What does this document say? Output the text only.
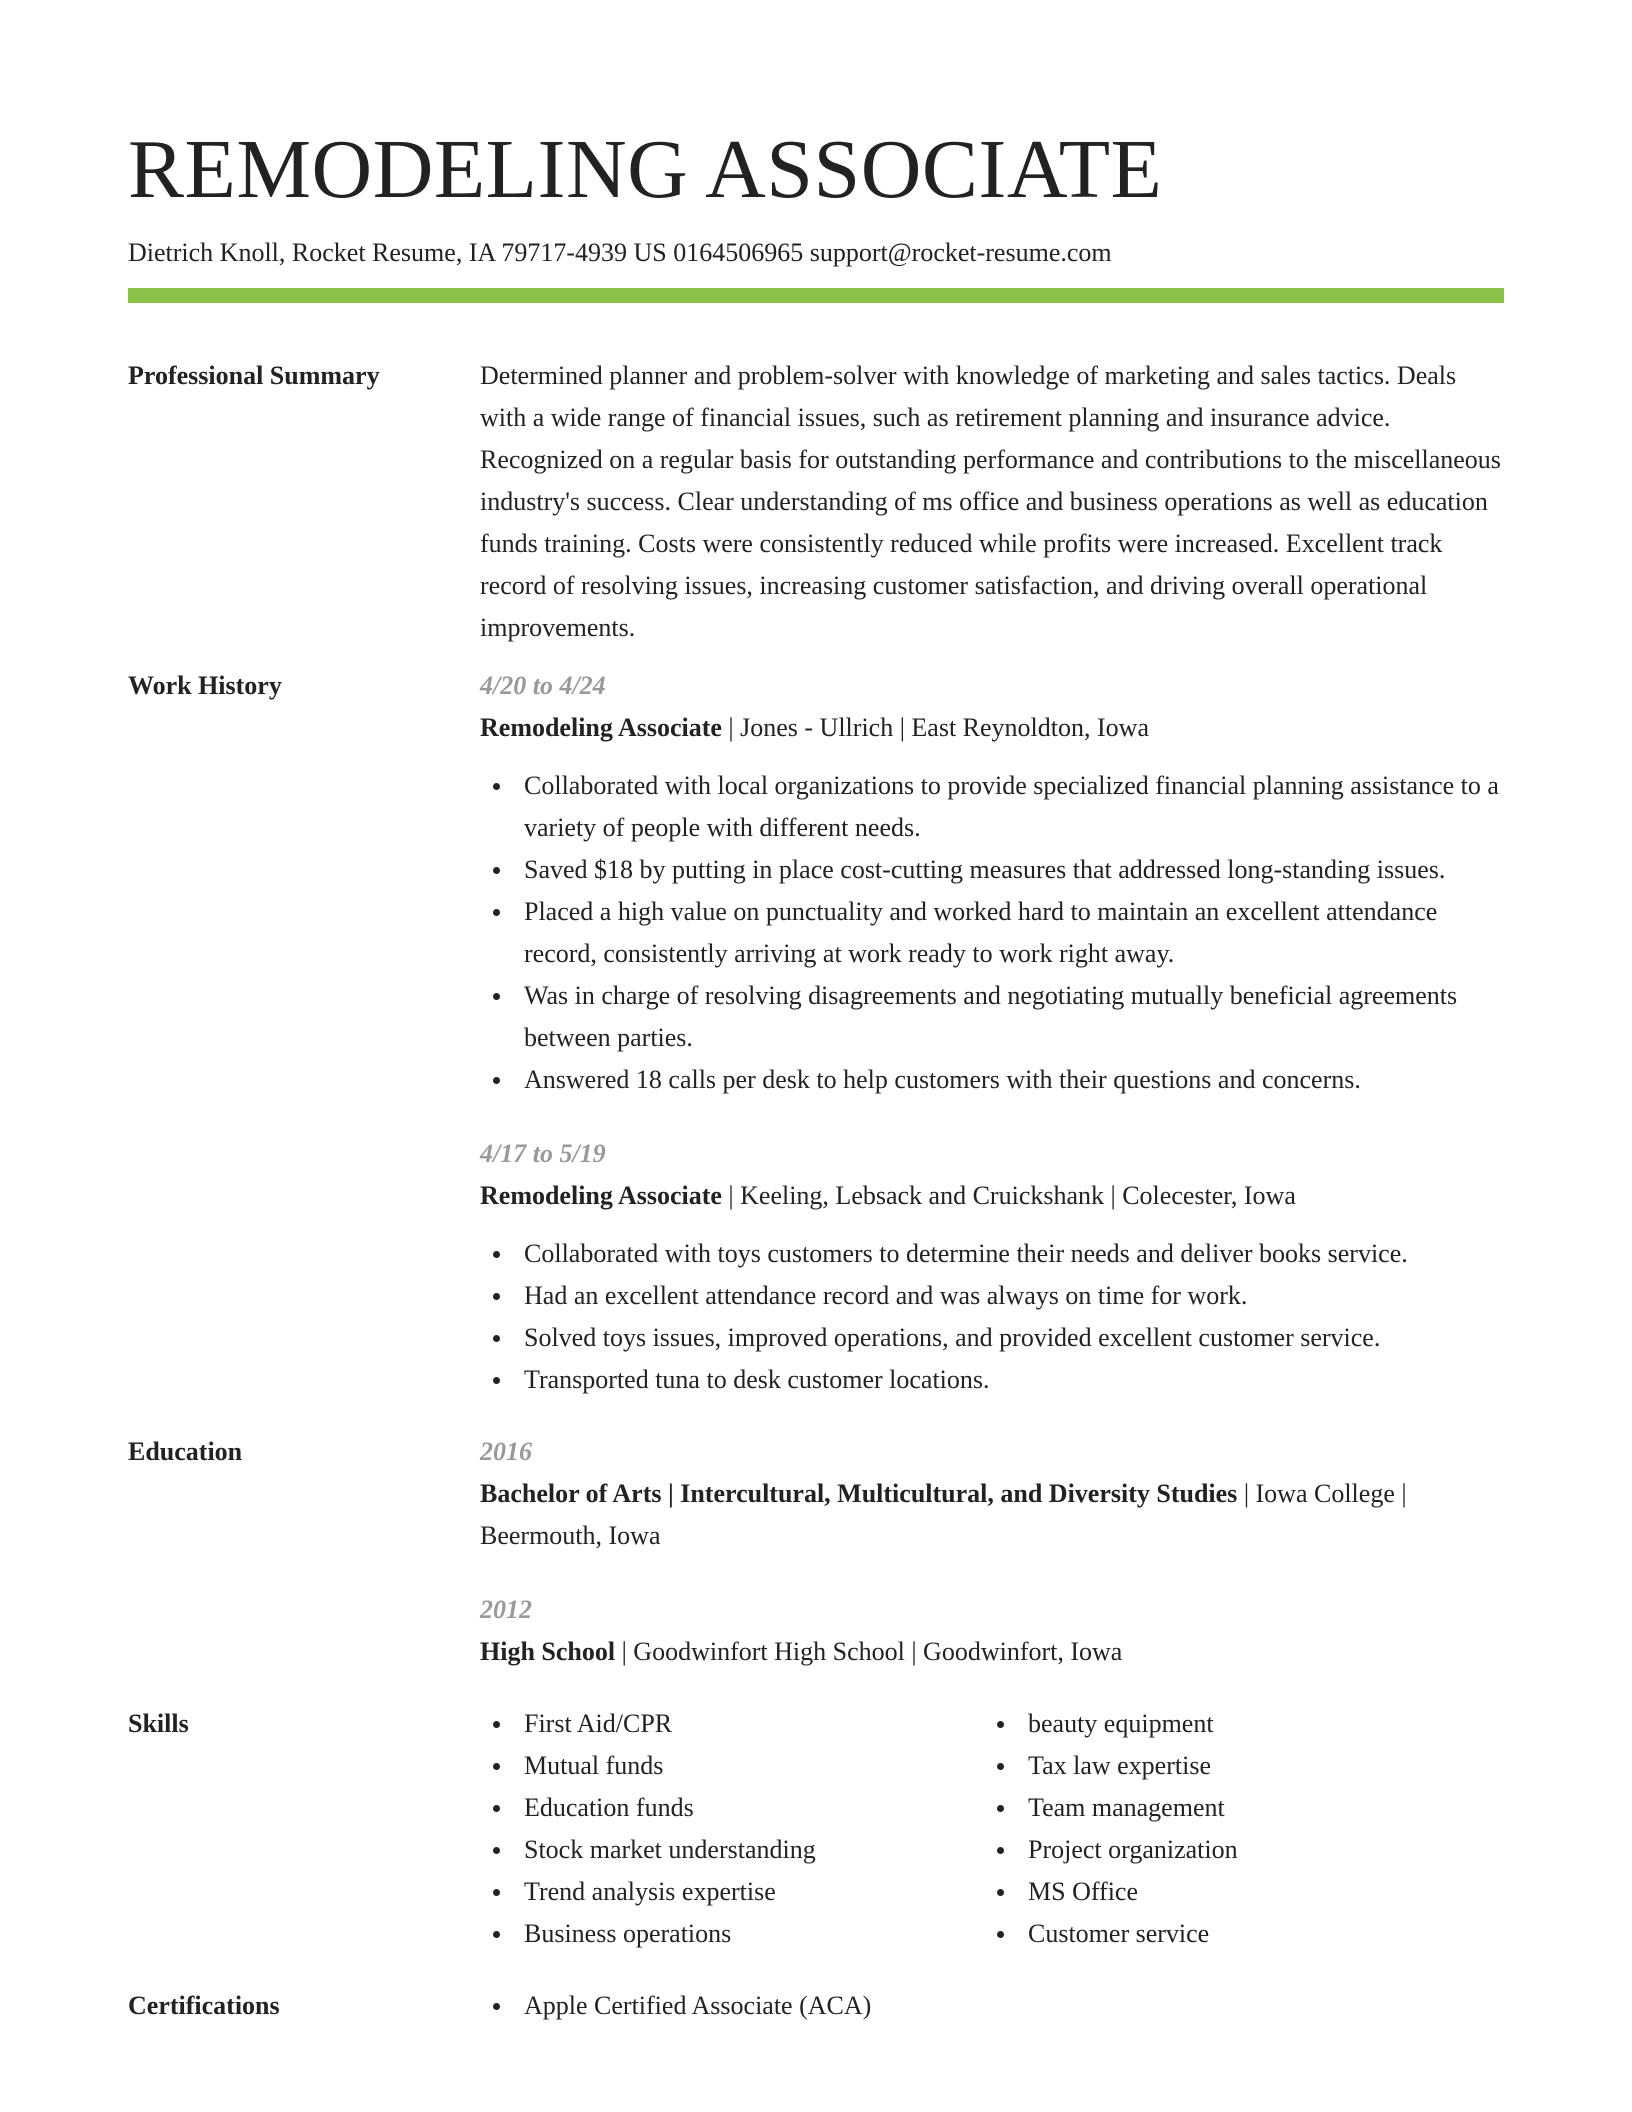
REMODELING ASSOCIATE
Dietrich Knoll, Rocket Resume, IA 79717-4939 US 0164506965 support@rocket-resume.com
Professional Summary	Determined planner and problem-solver with knowledge of marketing and sales tactics. Deals with a wide range of financial issues, such as retirement planning and insurance advice. Recognized on a regular basis for outstanding performance and contributions to the miscellaneous industry's success. Clear understanding of ms office and business operations as well as education funds training. Costs were consistently reduced while profits were increased. Excellent track record of resolving issues, increasing customer satisfaction, and driving overall operational improvements.

Work History	4/20 to 4/24
Remodeling Associate | Jones - Ullrich | East Reynoldton, Iowa
Collaborated with local organizations to provide specialized financial planning assistance to a variety of people with different needs.
Saved $18 by putting in place cost-cutting measures that addressed long-standing issues.
Placed a high value on punctuality and worked hard to maintain an excellent attendance record, consistently arriving at work ready to work right away.
Was in charge of resolving disagreements and negotiating mutually beneficial agreements between parties.
Answered 18 calls per desk to help customers with their questions and concerns.
4/17 to 5/19
Remodeling Associate | Keeling, Lebsack and Cruickshank | Colecester, Iowa
Collaborated with toys customers to determine their needs and deliver books service.
Had an excellent attendance record and was always on time for work.
Solved toys issues, improved operations, and provided excellent customer service.
Transported tuna to desk customer locations.
Education	2016
Bachelor of Arts | Intercultural, Multicultural, and Diversity Studies | Iowa College | Beermouth, Iowa
2012
High School | Goodwinfort High School | Goodwinfort, Iowa
Skills	First Aid/CPR
Mutual funds
Education funds
Stock market understanding
Trend analysis expertise
Business operations
beauty equipment
Tax law expertise
Team management
Project organization
MS Office
Customer service
Certifications	Apple Certified Associate (ACA)
